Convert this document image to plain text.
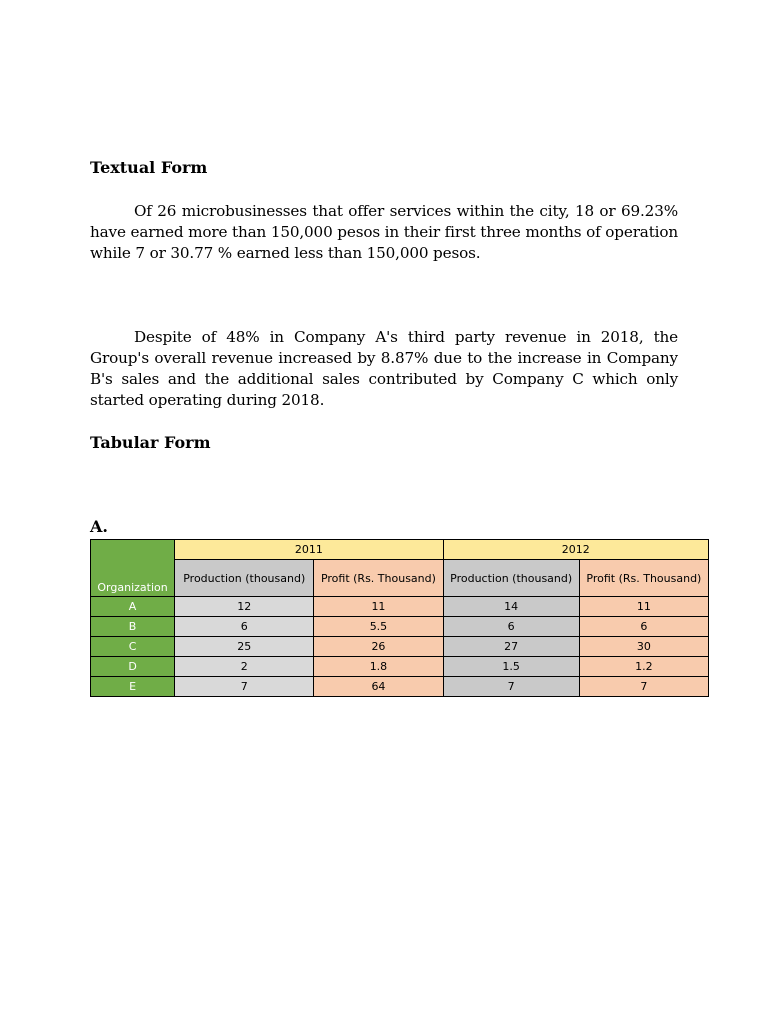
Textual Form

Of 26 microbusinesses that offer services within the city, 18 or 69.23% have earned more than 150,000 pesos in their first three months of operation while 7 or 30.77 % earned less than 150,000 pesos.

Despite of 48% in Company A's third party revenue in 2018, the Group's overall revenue increased by 8.87% due to the increase in Company B's sales and the additional sales contributed by Company C which only started operating during 2018.

Tabular Form
A.
Organization	2011		2012	
	Production (thousand)	Profit (Rs. Thousand)	Production (thousand)	Profit (Rs. Thousand)
A	12	11	14	11
B	6	5.5	6	6
C	25	26	27	30
D	2	1.8	1.5	1.2
E	7	64	7	7
